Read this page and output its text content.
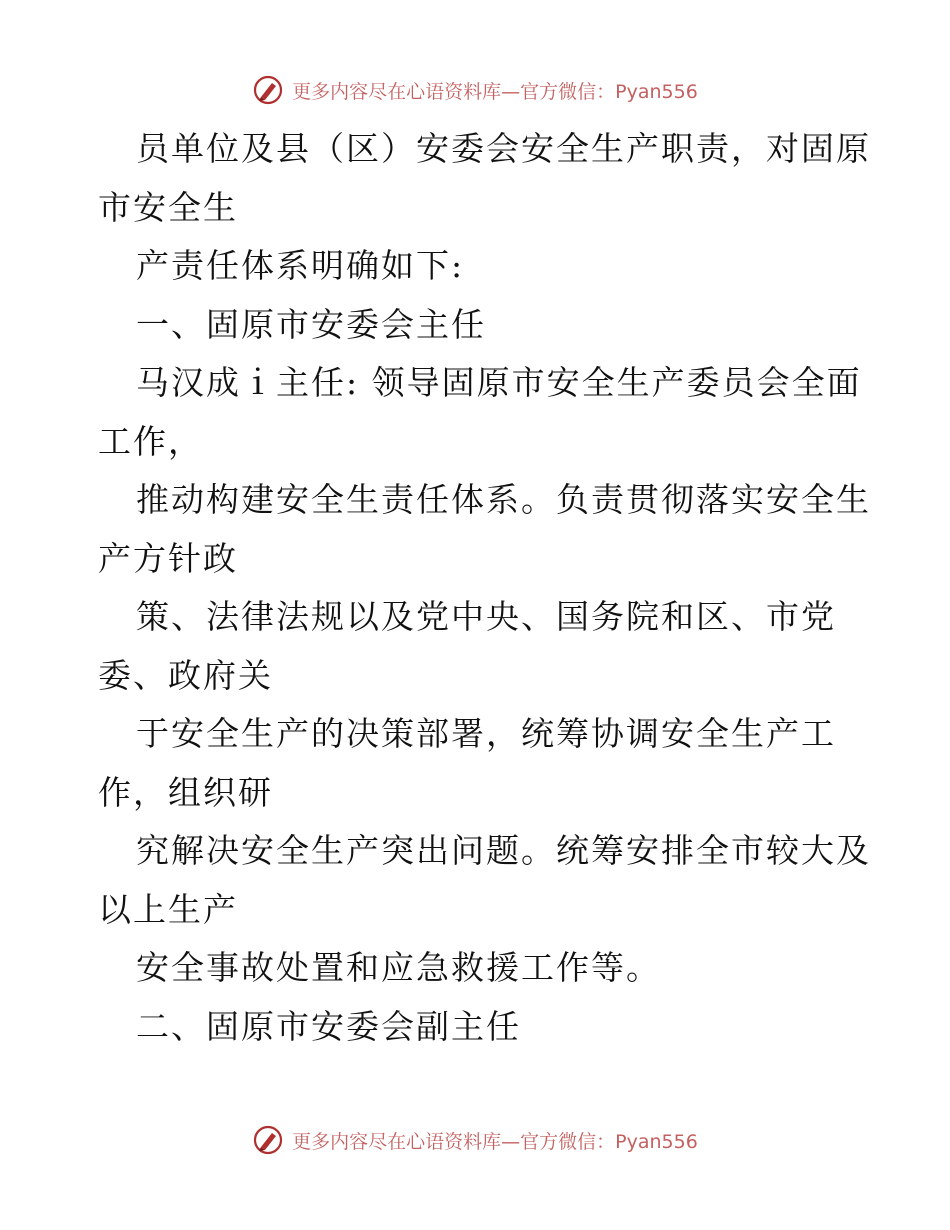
更多内容尽在心语资料库—官方微信：Pyan556
员单位及县（区）安委会安全生产职责，对固原
市安全生
产责任体系明确如下:
一、固原市安委会主任
马汉成ｉ主任: 领导固原市安全生产委员会全面
工作，
推动构建安全生责任体系。负责贯彻落实安全生
产方针政
策、法律法规以及党中央、国务院和区、市党
委、政府关
于安全生产的决策部署，统筹协调安全生产工
作，组织研
究解决安全生产突出问题。统筹安排全市较大及
以上生产
安全事故处置和应急救援工作等。
二、固原市安委会副主任
更多内容尽在心语资料库—官方微信：Pyan556
